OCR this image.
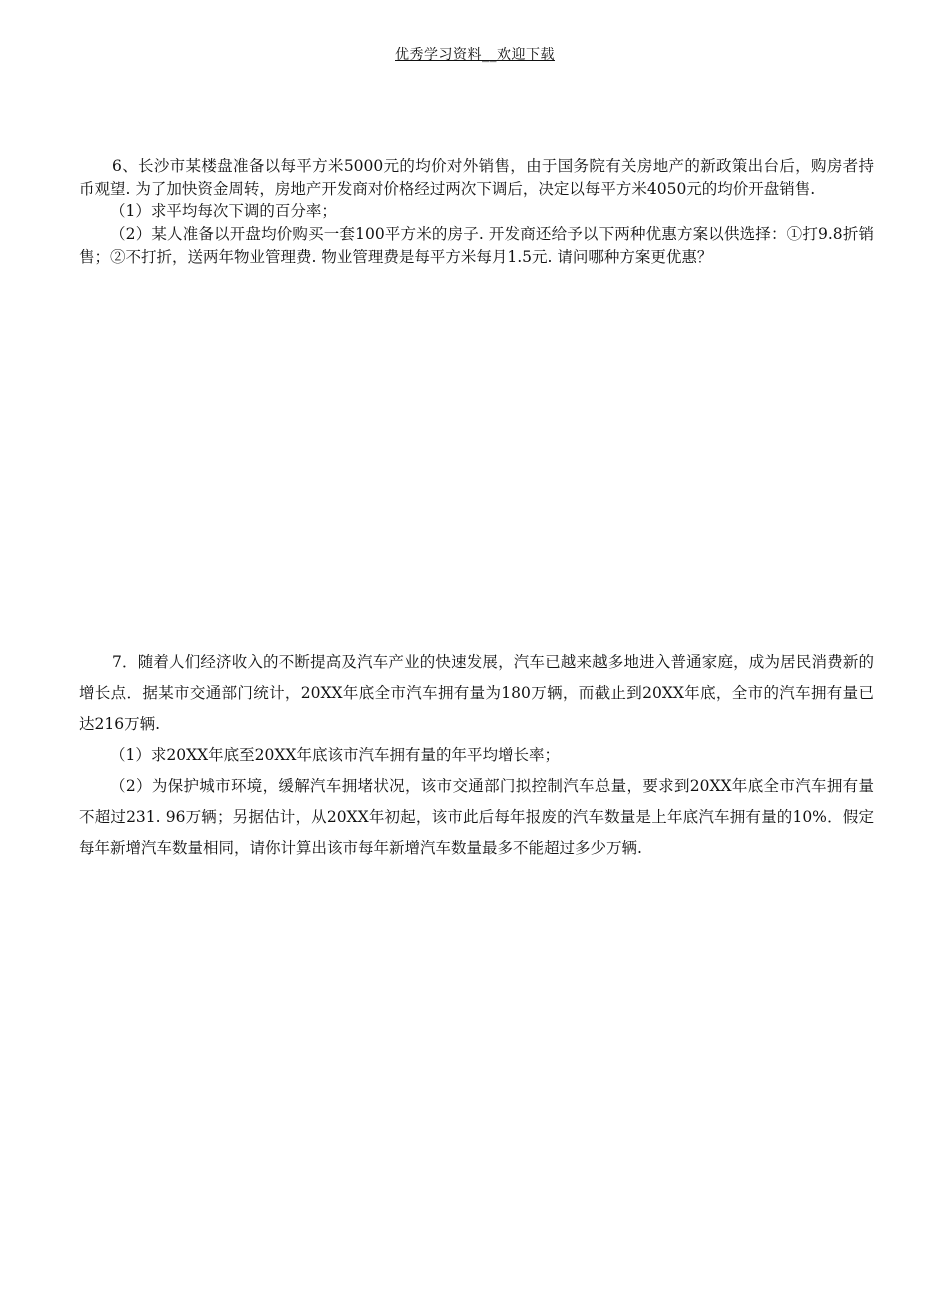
优秀学习资料__欢迎下载

6、长沙市某楼盘准备以每平方米5000元的均价对外销售，由于国务院有关房地产的新政策出台后，购房者持币观望. 为了加快资金周转，房地产开发商对价格经过两次下调后，决定以每平方米4050元的均价开盘销售.

（1）求平均每次下调的百分率；

（2）某人准备以开盘均价购买一套100平方米的房子. 开发商还给予以下两种优惠方案以供选择：①打9.8折销售；②不打折，送两年物业管理费. 物业管理费是每平方米每月1.5元. 请问哪种方案更优惠？

7．随着人们经济收入的不断提高及汽车产业的快速发展，汽车已越来越多地进入普通家庭，成为居民消费新的增长点．据某市交通部门统计，20XX年底全市汽车拥有量为180万辆，而截止到20XX年底，全市的汽车拥有量已达216万辆.

（1）求20XX年底至20XX年底该市汽车拥有量的年平均增长率；

（2）为保护城市环境，缓解汽车拥堵状况，该市交通部门拟控制汽车总量，要求到20XX年底全市汽车拥有量不超过231. 96万辆；另据估计，从20XX年初起，该市此后每年报废的汽车数量是上年底汽车拥有量的10%．假定每年新增汽车数量相同，请你计算出该市每年新增汽车数量最多不能超过多少万辆.
